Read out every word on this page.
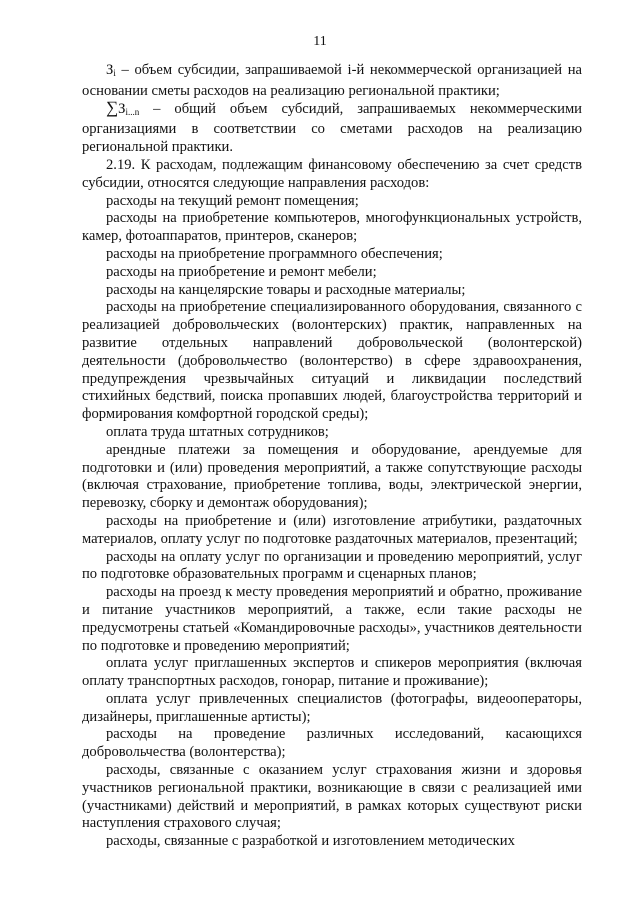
11

$З_i$ – объем субсидии, запрашиваемой i-й некоммерческой организацией на основании сметы расходов на реализацию региональной практики;

$\sum З_{i...n}$ – общий объем субсидий, запрашиваемых некоммерческими организациями в соответствии со сметами расходов на реализацию региональной практики.

2.19. К расходам, подлежащим финансовому обеспечению за счет средств субсидии, относятся следующие направления расходов:

расходы на текущий ремонт помещения;

расходы на приобретение компьютеров, многофункциональных устройств, камер, фотоаппаратов, принтеров, сканеров;

расходы на приобретение программного обеспечения;

расходы на приобретение и ремонт мебели;

расходы на канцелярские товары и расходные материалы;

расходы на приобретение специализированного оборудования, связанного с реализацией добровольческих (волонтерских) практик, направленных на развитие отдельных направлений добровольческой (волонтерской) деятельности (добровольчество (волонтерство) в сфере здравоохранения, предупреждения чрезвычайных ситуаций и ликвидации последствий стихийных бедствий, поиска пропавших людей, благоустройства территорий и формирования комфортной городской среды);

оплата труда штатных сотрудников;

арендные платежи за помещения и оборудование, арендуемые для подготовки и (или) проведения мероприятий, а также сопутствующие расходы (включая страхование, приобретение топлива, воды, электрической энергии, перевозку, сборку и демонтаж оборудования);

расходы на приобретение и (или) изготовление атрибутики, раздаточных материалов, оплату услуг по подготовке раздаточных материалов, презентаций;

расходы на оплату услуг по организации и проведению мероприятий, услуг по подготовке образовательных программ и сценарных планов;

расходы на проезд к месту проведения мероприятий и обратно, проживание и питание участников мероприятий, а также, если такие расходы не предусмотрены статьей «Командировочные расходы», участников деятельности по подготовке и проведению мероприятий;

оплата услуг приглашенных экспертов и спикеров мероприятия (включая оплату транспортных расходов, гонорар, питание и проживание);

оплата услуг привлеченных специалистов (фотографы, видеооператоры, дизайнеры, приглашенные артисты);

расходы на проведение различных исследований, касающихся добровольчества (волонтерства);

расходы, связанные с оказанием услуг страхования жизни и здоровья участников региональной практики, возникающие в связи с реализацией ими (участниками) действий и мероприятий, в рамках которых существуют риски наступления страхового случая;

расходы, связанные с разработкой и изготовлением методических
